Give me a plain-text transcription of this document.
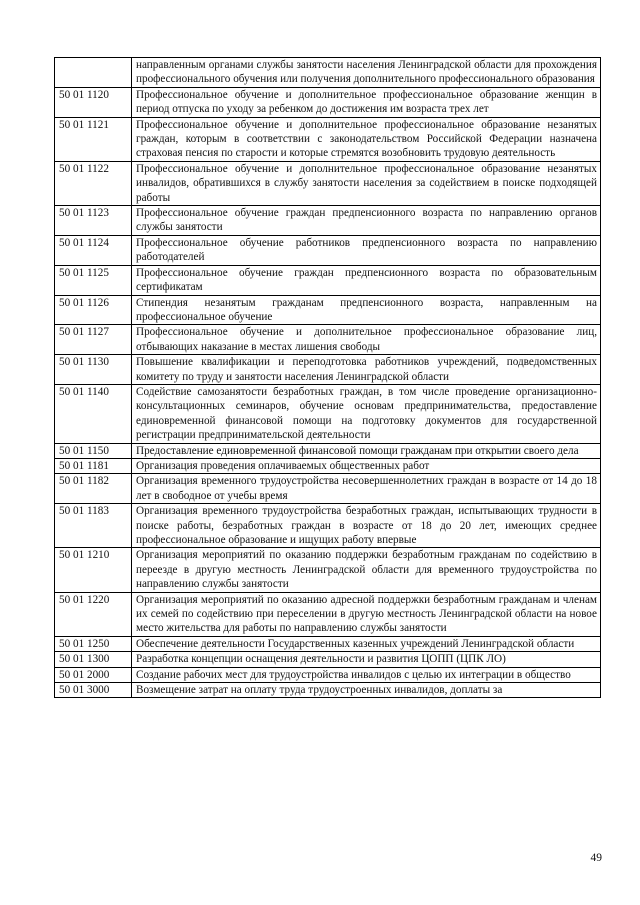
	направленным органами службы занятости населения Ленинградской области для прохождения профессионального обучения или получения дополнительного профессионального образования
50 01 1120	Профессиональное обучение и дополнительное профессиональное образование женщин в период отпуска по уходу за ребенком до достижения им возраста трех лет
50 01 1121	Профессиональное обучение и дополнительное профессиональное образование незанятых граждан, которым в соответствии с законодательством Российской Федерации назначена страховая пенсия по старости и которые стремятся возобновить трудовую деятельность
50 01 1122	Профессиональное обучение и дополнительное профессиональное образование незанятых инвалидов, обратившихся в службу занятости населения за содействием в поиске подходящей работы
50 01 1123	Профессиональное обучение граждан предпенсионного возраста по направлению органов службы занятости
50 01 1124	Профессиональное обучение работников предпенсионного возраста по направлению работодателей
50 01 1125	Профессиональное обучение граждан предпенсионного возраста по образовательным сертификатам
50 01 1126	Стипендия незанятым гражданам предпенсионного возраста, направленным на профессиональное обучение
50 01 1127	Профессиональное обучение и дополнительное профессиональное образование лиц, отбывающих наказание в местах лишения свободы
50 01 1130	Повышение квалификации и переподготовка работников учреждений, подведомственных комитету по труду и занятости населения Ленинградской области
50 01 1140	Содействие самозанятости безработных граждан, в том числе проведение организационно-консультационных семинаров, обучение основам предпринимательства, предоставление единовременной финансовой помощи на подготовку документов для государственной регистрации предпринимательской деятельности
50 01 1150	Предоставление единовременной финансовой помощи гражданам при открытии своего дела
50 01 1181	Организация проведения оплачиваемых общественных работ
50 01 1182	Организация временного трудоустройства несовершеннолетних граждан в возрасте от 14 до 18 лет в свободное от учебы время
50 01 1183	Организация временного трудоустройства безработных граждан, испытывающих трудности в поиске работы, безработных граждан в возрасте от 18 до 20 лет, имеющих среднее профессиональное образование и ищущих работу впервые
50 01 1210	Организация мероприятий по оказанию поддержки безработным гражданам по содействию в переезде в другую местность Ленинградской области для временного трудоустройства по направлению службы занятости
50 01 1220	Организация мероприятий по оказанию адресной поддержки безработным гражданам и членам их семей по содействию при переселении в другую местность Ленинградской области на новое место жительства для работы по направлению службы занятости
50 01 1250	Обеспечение деятельности Государственных казенных учреждений Ленинградской области
50 01 1300	Разработка концепции оснащения деятельности и развития ЦОПП (ЦПК ЛО)
50 01 2000	Создание рабочих мест для трудоустройства инвалидов с целью их интеграции в общество
50 01 3000	Возмещение затрат на оплату труда трудоустроенных инвалидов, доплаты за
49
